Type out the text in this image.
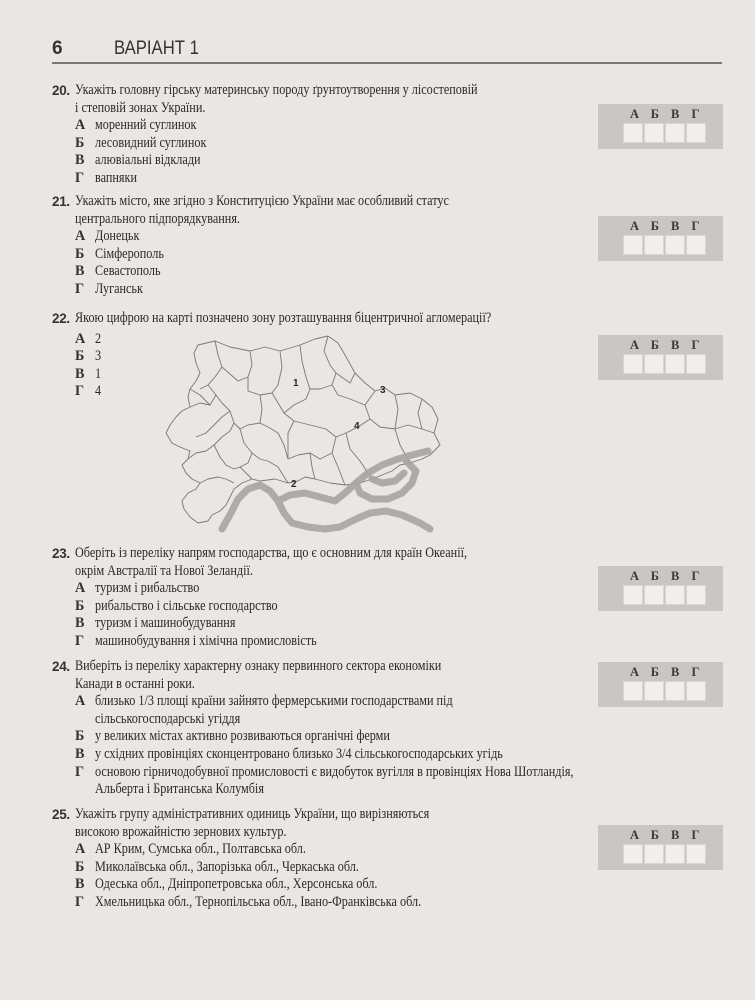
6	ВАРІАНТ 1
20. Укажіть головну гірську материнську породу ґрунтоутворення у лісостеповій
і степовій зонах України.
А моренний суглинок
Б лесовидний суглинок
В алювіальні відклади
Г вапняки
А Б В Г
21. Укажіть місто, яке згідно з Конституцією України має особливий статус
центрального підпорядкування.
А Донецьк
Б Сімферополь
В Севастополь
Г Луганськ
А Б В Г
22. Якою цифрою на карті позначено зону розташування біцентричної агломерації?
А 2
Б 3
В 1
Г 4
А Б В Г
1
2
3
4
23. Оберіть із переліку напрям господарства, що є основним для країн Океанії,
окрім Австралії та Нової Зеландії.
А туризм і рибальство
Б рибальство і сільське господарство
В туризм і машинобудування
Г машинобудування і хімічна промисловість
А Б В Г
24. Виберіть із переліку характерну ознаку первинного сектора економіки
Канади в останні роки.
А близько 1/3 площі країни зайнято фермерськими господарствами під
сільськогосподарські угіддя
Б у великих містах активно розвиваються органічні ферми
В у східних провінціях сконцентровано близько 3/4 сільськогосподарських угідь
Г основою гірничодобувної промисловості є видобуток вугілля в провінціях Нова Шотландія,
Альберта і Британська Колумбія
А Б В Г
25. Укажіть групу адміністративних одиниць України, що вирізняються
високою врожайністю зернових культур.
А АР Крим, Сумська обл., Полтавська обл.
Б Миколаївська обл., Запорізька обл., Черкаська обл.
В Одеська обл., Дніпропетровська обл., Херсонська обл.
Г Хмельницька обл., Тернопільська обл., Івано-Франківська обл.
А Б В Г
